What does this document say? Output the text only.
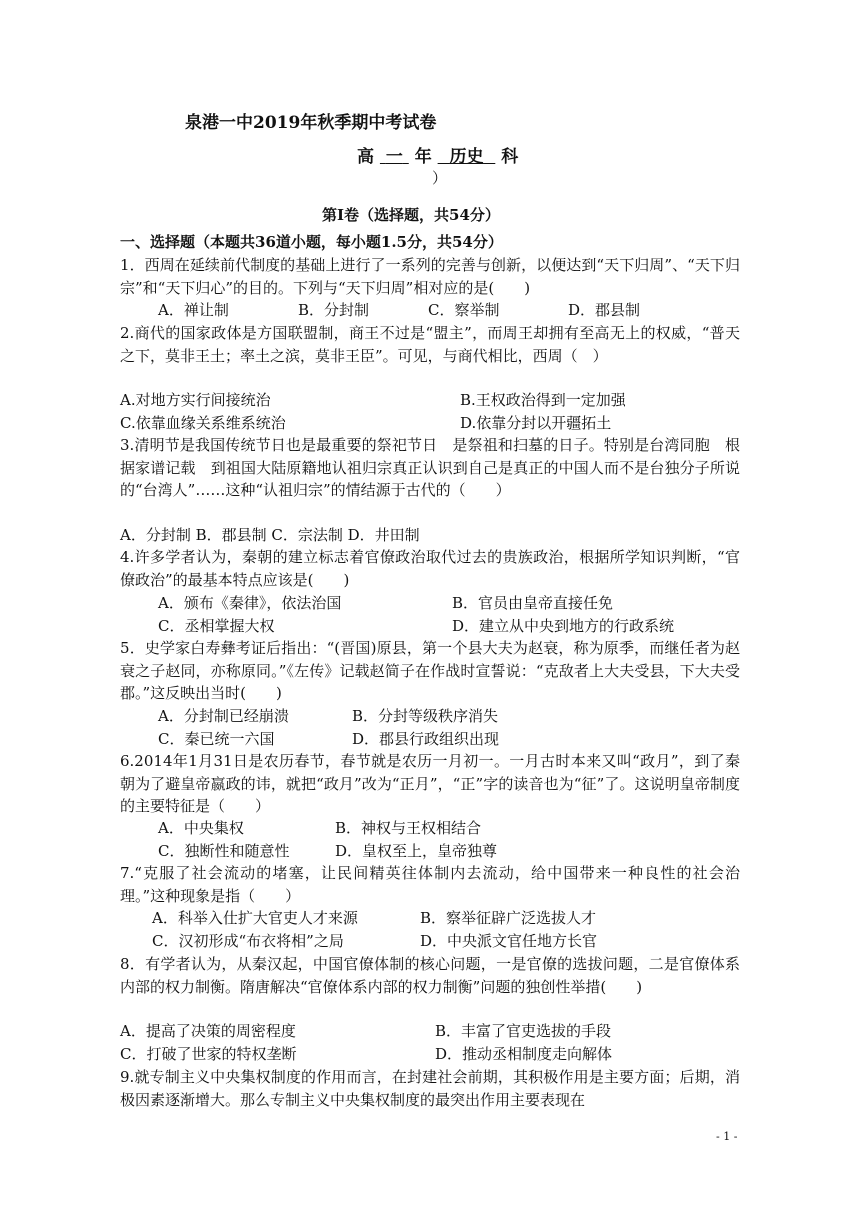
泉港一中2019年秋季期中考试卷
高 一 年 历史 科
）
第Ⅰ卷（选择题，共54分）
一、选择题（本题共36道小题，每小题1.5分，共54分）
1．西周在延续前代制度的基础上进行了一系列的完善与创新，以便达到“天下归周”、“天下归宗”和“天下归心”的目的。下列与“天下归周”相对应的是(　　)
A．禅让制	B．分封制	C．察举制	D．郡县制
2.商代的国家政体是方国联盟制，商王不过是“盟主”，而周王却拥有至高无上的权威，“普天之下，莫非王土；率土之滨，莫非王臣”。可见，与商代相比，西周（　）
A.对地方实行间接统治	B.王权政治得到一定加强
C.依靠血缘关系维系统治	D.依靠分封以开疆拓土
3.清明节是我国传统节日也是最重要的祭祀节日　是祭祖和扫墓的日子。特别是台湾同胞　根据家谱记载　到祖国大陆原籍地认祖归宗真正认识到自己是真正的中国人而不是台独分子所说的“台湾人”……这种“认祖归宗”的情结源于古代的（　　）
A．分封制 B．郡县制 C．宗法制 D．井田制
4.许多学者认为，秦朝的建立标志着官僚政治取代过去的贵族政治，根据所学知识判断，“官僚政治”的最基本特点应该是(　　)
A．颁布《秦律》，依法治国	B．官员由皇帝直接任免
C．丞相掌握大权	D．建立从中央到地方的行政系统
5．史学家白寿彝考证后指出：“(晋国)原县，第一个县大夫为赵衰，称为原季，而继任者为赵衰之子赵同，亦称原同。”《左传》记载赵简子在作战时宣誓说：“克敌者上大夫受县，下大夫受郡。”这反映出当时(　　)
A．分封制已经崩溃	B．分封等级秩序消失
C．秦已统一六国	D．郡县行政组织出现
6.2014年1月31日是农历春节，春节就是农历一月初一。一月古时本来又叫“政月”，到了秦朝为了避皇帝嬴政的讳，就把“政月”改为“正月”，“正”字的读音也为“征”了。这说明皇帝制度的主要特征是（　　）
A．中央集权	B．神权与王权相结合
C．独断性和随意性	D．皇权至上，皇帝独尊
7.“克服了社会流动的堵塞，让民间精英往体制内去流动，给中国带来一种良性的社会治理。”这种现象是指（　　）
A．科举入仕扩大官吏人才来源	B．察举征辟广泛选拔人才
C．汉初形成“布衣将相”之局	D．中央派文官任地方长官
8．有学者认为，从秦汉起，中国官僚体制的核心问题，一是官僚的选拔问题，二是官僚体系内部的权力制衡。隋唐解决“官僚体系内部的权力制衡”问题的独创性举措(　　)
A．提高了决策的周密程度	B．丰富了官吏选拔的手段
C．打破了世家的特权垄断	D．推动丞相制度走向解体
9.就专制主义中央集权制度的作用而言，在封建社会前期，其积极作用是主要方面；后期，消极因素逐渐增大。那么专制主义中央集权制度的最突出作用主要表现在
- 1 -
